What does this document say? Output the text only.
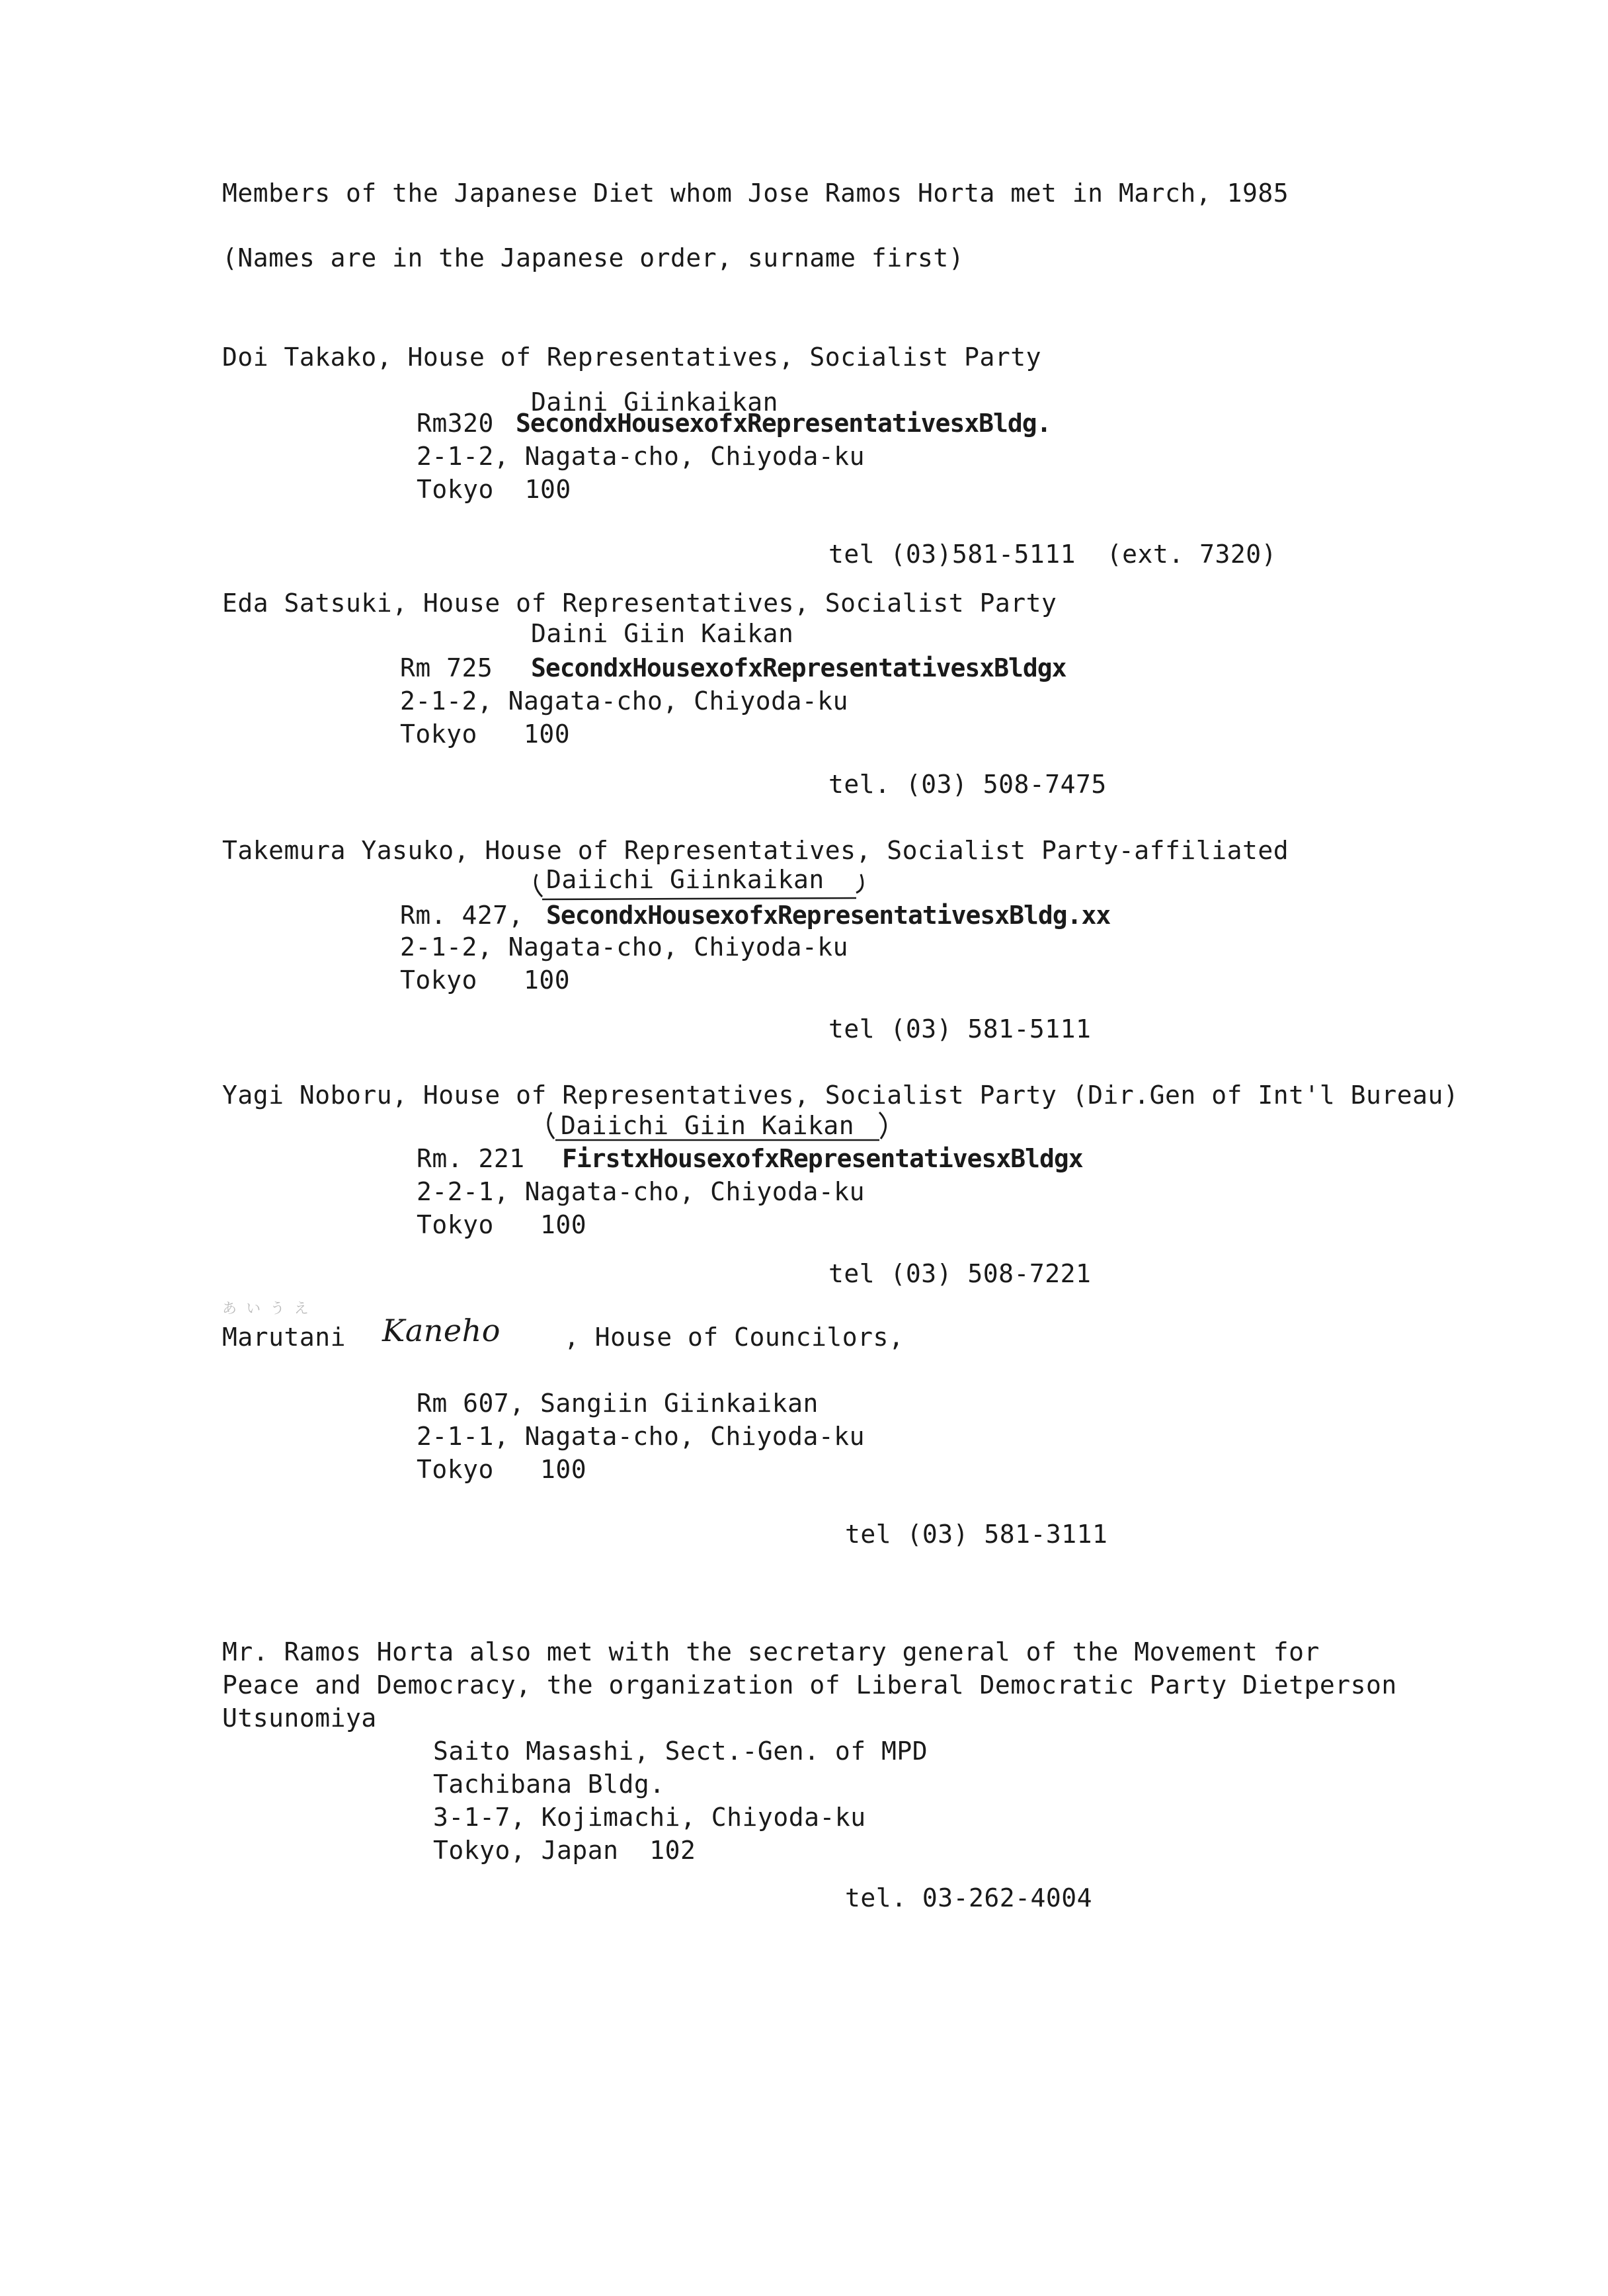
Members of the Japanese Diet whom Jose Ramos Horta met in March, 1985
(Names are in the Japanese order, surname first)
Doi Takako, House of Representatives, Socialist Party
Daini Giinkaikan
Rm320 SecondxHousexofxRepresentativesxBldg.
2-1-2, Nagata-cho, Chiyoda-ku
Tokyo  100
tel (03)581-5111  (ext. 7320)
Eda Satsuki, House of Representatives, Socialist Party
Daini Giin Kaikan
Rm 725 SecondxHousexofxRepresentativesxBldgx
2-1-2, Nagata-cho, Chiyoda-ku
Tokyo   100
tel. (03) 508-7475
Takemura Yasuko, House of Representatives, Socialist Party-affiliated
Daiichi Giinkaikan
Rm. 427, SecondxHousexofxRepresentativesxBldg.xx
2-1-2, Nagata-cho, Chiyoda-ku
Tokyo   100
tel (03) 581-5111
Yagi Noboru, House of Representatives, Socialist Party (Dir.Gen of Int'l Bureau)
Daiichi Giin Kaikan
Rm. 221 FirstxHousexofxRepresentativesxBldgx
2-2-1, Nagata-cho, Chiyoda-ku
Tokyo   100
tel (03) 508-7221
あ い う え
Marutani Kaneho	, House of Councilors,
Rm 607, Sangiin Giinkaikan
2-1-1, Nagata-cho, Chiyoda-ku
Tokyo   100
tel (03) 581-3111
Mr. Ramos Horta also met with the secretary general of the Movement for
Peace and Democracy, the organization of Liberal Democratic Party Dietperson
Utsunomiya
Saito Masashi, Sect.-Gen. of MPD
Tachibana Bldg.
3-1-7, Kojimachi, Chiyoda-ku
Tokyo, Japan  102
tel. 03-262-4004
